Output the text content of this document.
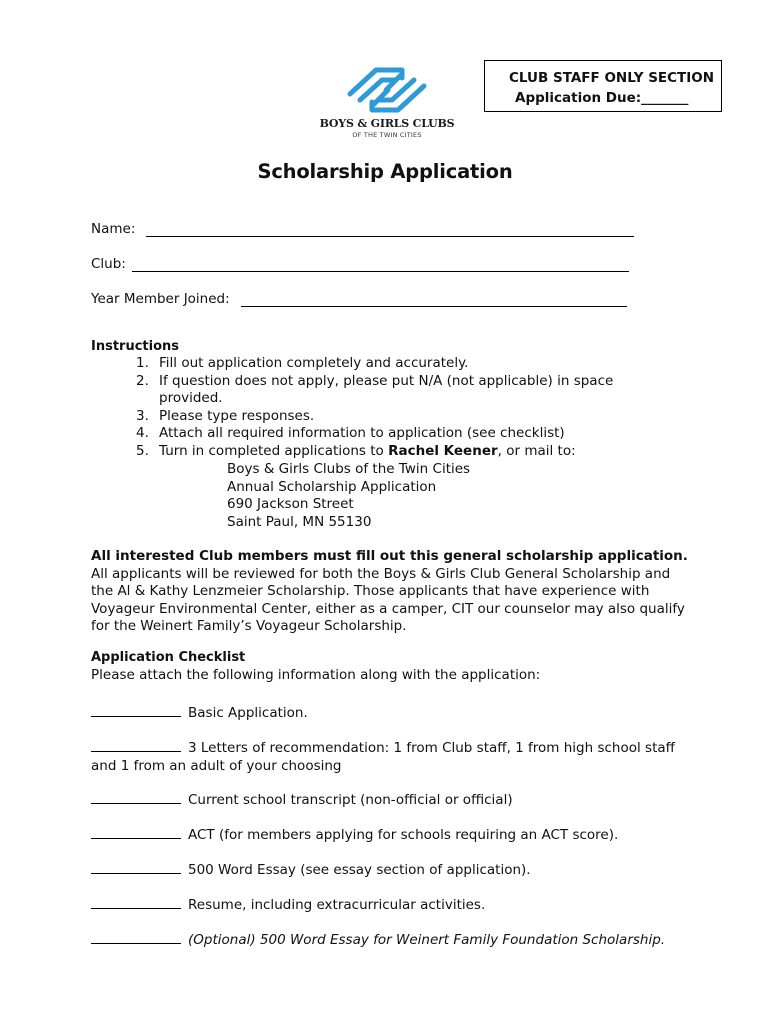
BOYS & GIRLS CLUBS
OF THE TWIN CITIES
CLUB STAFF ONLY SECTION
Application Due:_______
Scholarship Application
Name:
Club:
Year Member Joined:
Instructions
1. Fill out application completely and accurately.
2. If question does not apply, please put N/A (not applicable) in space provided.
3. Please type responses.
4. Attach all required information to application (see checklist)
5. Turn in completed applications to Rachel Keener, or mail to:
Boys & Girls Clubs of the Twin Cities
Annual Scholarship Application
690 Jackson Street
Saint Paul, MN 55130
All interested Club members must fill out this general scholarship application. All applicants will be reviewed for both the Boys & Girls Club General Scholarship and the Al & Kathy Lenzmeier Scholarship. Those applicants that have experience with Voyageur Environmental Center, either as a camper, CIT our counselor may also qualify for the Weinert Family’s Voyageur Scholarship.
Application Checklist
Please attach the following information along with the application:
Basic Application.
3 Letters of recommendation: 1 from Club staff, 1 from high school staff and 1 from an adult of your choosing
Current school transcript (non-official or official)
ACT (for members applying for schools requiring an ACT score).
500 Word Essay (see essay section of application).
Resume, including extracurricular activities.
(Optional) 500 Word Essay for Weinert Family Foundation Scholarship.
